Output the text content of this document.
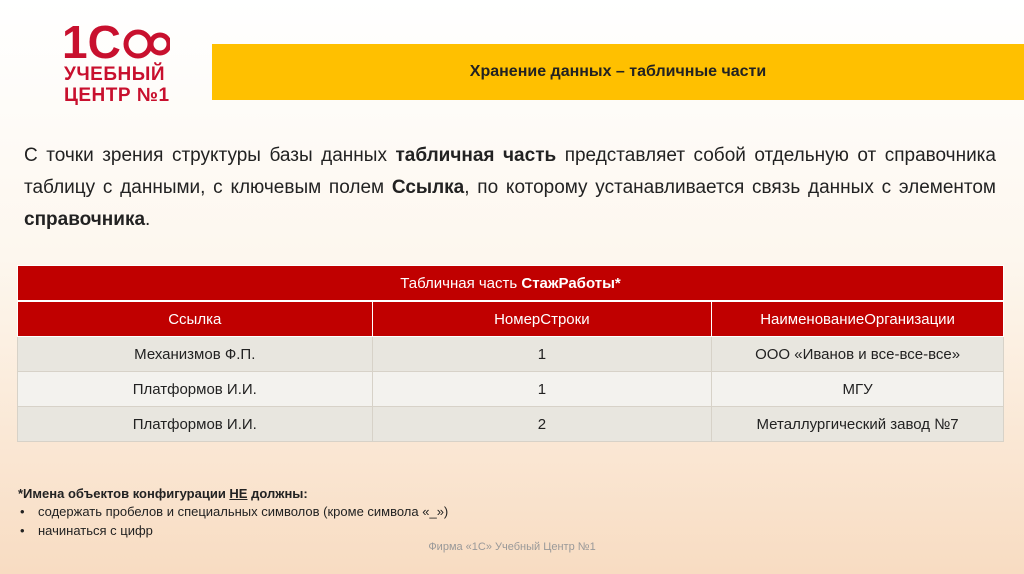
1С
УЧЕБНЫЙ
ЦЕНТР №1
Хранение данных – табличные части
С точки зрения структуры базы данных табличная часть представляет собой отдельную от справочника таблицу с данными, с ключевым полем Ссылка, по которому устанавливается связь данных с элементом справочника.
Табличная часть СтажРаботы*		
Ссылка	НомерСтроки	НаименованиеОрганизации
Механизмов Ф.П.	1	ООО «Иванов и все-все-все»
Платформов И.И.	1	МГУ
Платформов И.И.	2	Металлургический завод №7
*Имена объектов конфигурации НЕ должны:
• содержать пробелов и специальных символов (кроме символа «_»)
• начинаться с цифр
Фирма «1С» Учебный Центр №1
